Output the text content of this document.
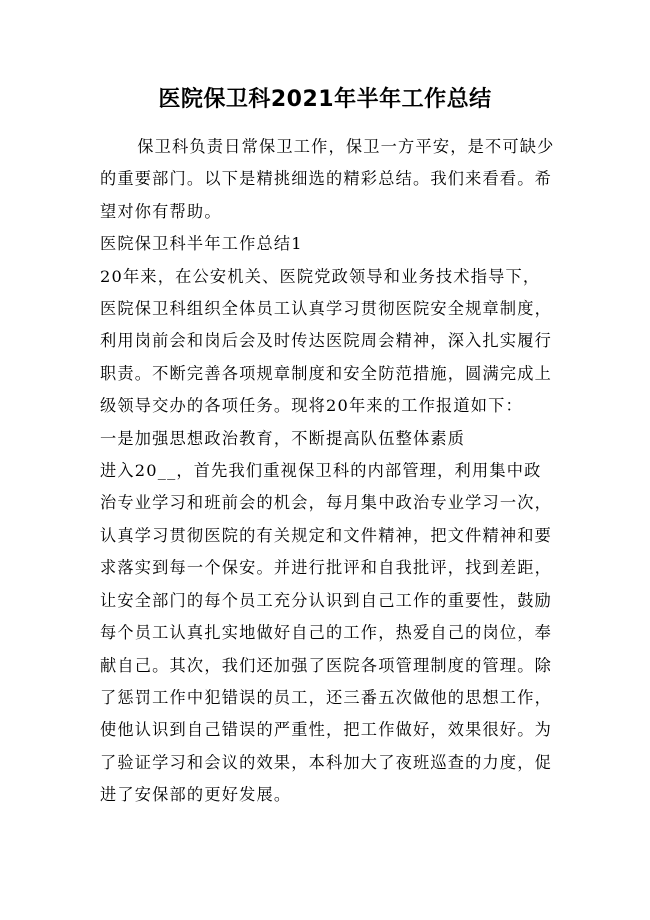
医院保卫科2021年半年工作总结

保卫科负责日常保卫工作，保卫一方平安，是不可缺少的重要部门。以下是精挑细选的精彩总结。我们来看看。希望对你有帮助。

医院保卫科半年工作总结1

20年来，在公安机关、医院党政领导和业务技术指导下，医院保卫科组织全体员工认真学习贯彻医院安全规章制度，利用岗前会和岗后会及时传达医院周会精神，深入扎实履行职责。不断完善各项规章制度和安全防范措施，圆满完成上级领导交办的各项任务。现将20年来的工作报道如下：

一是加强思想政治教育，不断提高队伍整体素质

进入20__，首先我们重视保卫科的内部管理，利用集中政治专业学习和班前会的机会，每月集中政治专业学习一次，认真学习贯彻医院的有关规定和文件精神，把文件精神和要求落实到每一个保安。并进行批评和自我批评，找到差距，让安全部门的每个员工充分认识到自己工作的重要性，鼓励每个员工认真扎实地做好自己的工作，热爱自己的岗位，奉献自己。其次，我们还加强了医院各项管理制度的管理。除了惩罚工作中犯错误的员工，还三番五次做他的思想工作，使他认识到自己错误的严重性，把工作做好，效果很好。为了验证学习和会议的效果，本科加大了夜班巡查的力度，促进了安保部的更好发展。
